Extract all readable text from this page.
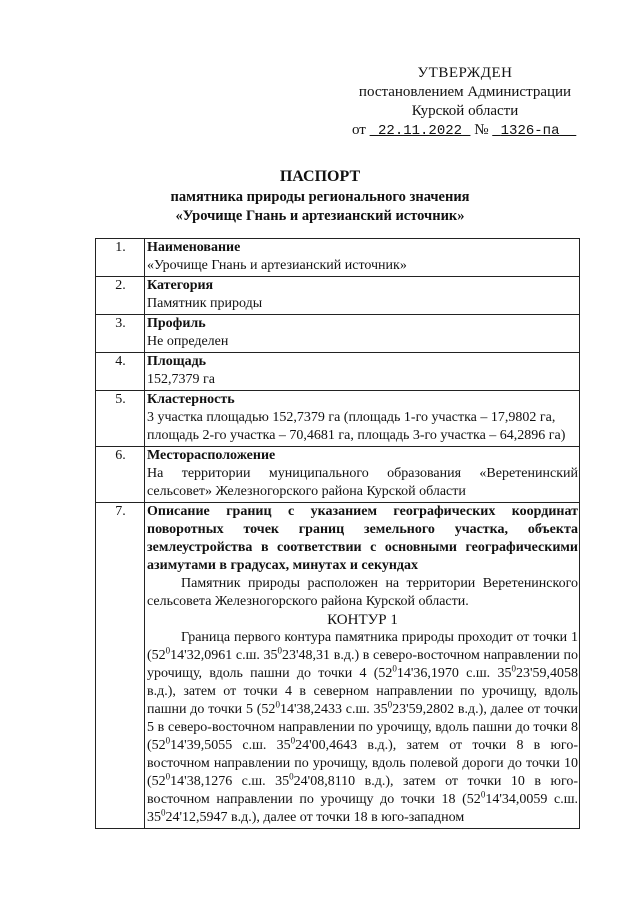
УТВЕРЖДЕН
постановлением Администрации
Курской области
от 22.11.2022 № 1326-па
ПАСПОРТ
памятника природы регионального значения
«Урочище Гнань и артезианский источник»
1.	Наименование
«Урочище Гнань и артезианский источник»

2.	Категория
Памятник природы

3.	Профиль
Не определен

4.	Площадь
152,7379 га

5.	Кластерность
3 участка площадью 152,7379 га (площадь 1-го участка – 17,9802 га, площадь 2-го участка – 70,4681 га, площадь 3-го участка – 64,2896 га)

6.	Месторасположение
На территории муниципального образования «Веретенинский сельсовет» Железногорского района Курской области

7.	Описание границ с указанием географических координат поворотных точек границ земельного участка, объекта землеустройства в соответствии с основными географическими азимутами в градусах, минутах и секундах
Памятник природы расположен на территории Веретенинского сельсовета Железногорского района Курской области.
КОНТУР 1
Граница первого контура памятника природы проходит от точки 1 ($52^014'32,0961$ с.ш. $35^023'48,31$ в.д.) в северо-восточном направлении по урочищу, вдоль пашни до точки 4 ($52^014'36,1970$ с.ш. $35^023'59,4058$ в.д.), затем от точки 4 в северном направлении по урочищу, вдоль пашни до точки 5 ($52^014'38,2433$ с.ш. $35^023'59,2802$ в.д.), далее от точки 5 в северо-восточном направлении по урочищу, вдоль пашни до точки 8 ($52^014'39,5055$ с.ш. $35^024'00,4643$ в.д.), затем от точки 8 в юго-восточном направлении по урочищу, вдоль полевой дороги до точки 10 ($52^014'38,1276$ с.ш. $35^024'08,8110$ в.д.), затем от точки 10 в юго-восточном направлении по урочищу до точки 18 ($52^014'34,0059$ с.ш. $35^024'12,5947$ в.д.), далее от точки 18 в юго-западном
